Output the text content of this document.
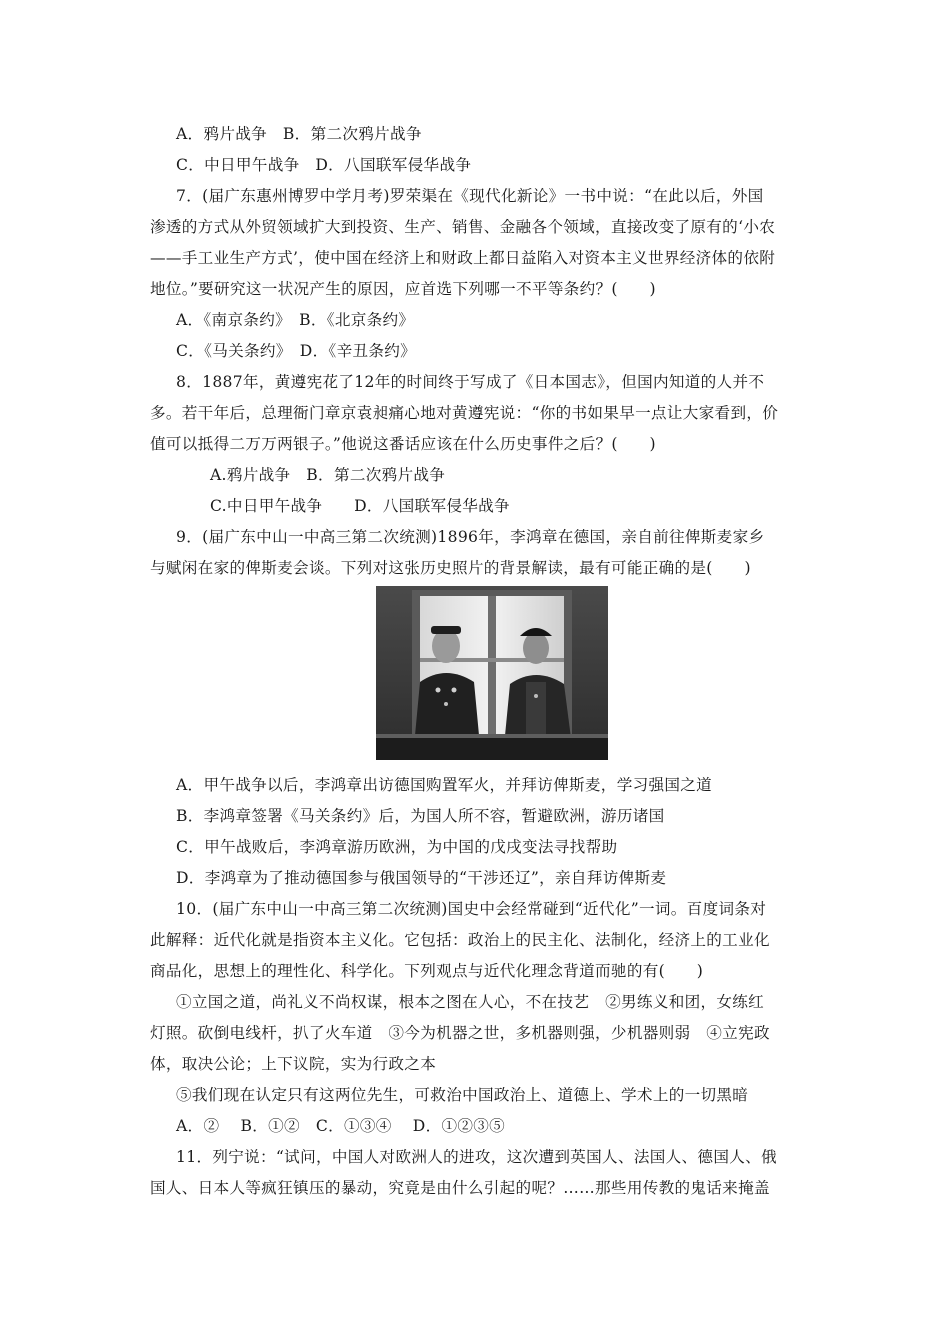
A．鸦片战争　B．第二次鸦片战争
C．中日甲午战争　D．八国联军侵华战争
7．(届广东惠州博罗中学月考)罗荣渠在《现代化新论》一书中说：“在此以后，外国
渗透的方式从外贸领域扩大到投资、生产、销售、金融各个领域，直接改变了原有的‘小农
——手工业生产方式’，使中国在经济上和财政上都日益陷入对资本主义世界经济体的依附
地位。”要研究这一状况产生的原因，应首选下列哪一不平等条约？(　　)
A．《南京条约》　B．《北京条约》
C．《马关条约》　D．《辛丑条约》
8．1887年，黄遵宪花了12年的时间终于写成了《日本国志》，但国内知道的人并不
多。若干年后，总理衙门章京袁昶痛心地对黄遵宪说：“你的书如果早一点让大家看到，价
值可以抵得二万万两银子。”他说这番话应该在什么历史事件之后？(　　)
A.鸦片战争　B．第二次鸦片战争
C.中日甲午战争　　D．八国联军侵华战争
9．(届广东中山一中高三第二次统测)1896年，李鸿章在德国，亲自前往俾斯麦家乡
与赋闲在家的俾斯麦会谈。下列对这张历史照片的背景解读，最有可能正确的是(　　)
A．甲午战争以后，李鸿章出访德国购置军火，并拜访俾斯麦，学习强国之道
B．李鸿章签署《马关条约》后，为国人所不容，暂避欧洲，游历诸国
C．甲午战败后，李鸿章游历欧洲，为中国的戊戌变法寻找帮助
D．李鸿章为了推动德国参与俄国领导的“干涉还辽”，亲自拜访俾斯麦
10．(届广东中山一中高三第二次统测)国史中会经常碰到“近代化”一词。百度词条对
此解释：近代化就是指资本主义化。它包括：政治上的民主化、法制化，经济上的工业化
商品化，思想上的理性化、科学化。下列观点与近代化理念背道而驰的有(　　)
①立国之道，尚礼义不尚权谋，根本之图在人心，不在技艺　②男练义和团，女练红
灯照。砍倒电线杆，扒了火车道　③今为机器之世，多机器则强，少机器则弱　④立宪政
体，取决公论；上下议院，实为行政之本
⑤我们现在认定只有这两位先生，可救治中国政治上、道德上、学术上的一切黑暗
A．②　 B．①②　C．①③④　 D．①②③⑤
11．列宁说：“试问，中国人对欧洲人的进攻，这次遭到英国人、法国人、德国人、俄
国人、日本人等疯狂镇压的暴动，究竟是由什么引起的呢？……那些用传教的鬼话来掩盖
